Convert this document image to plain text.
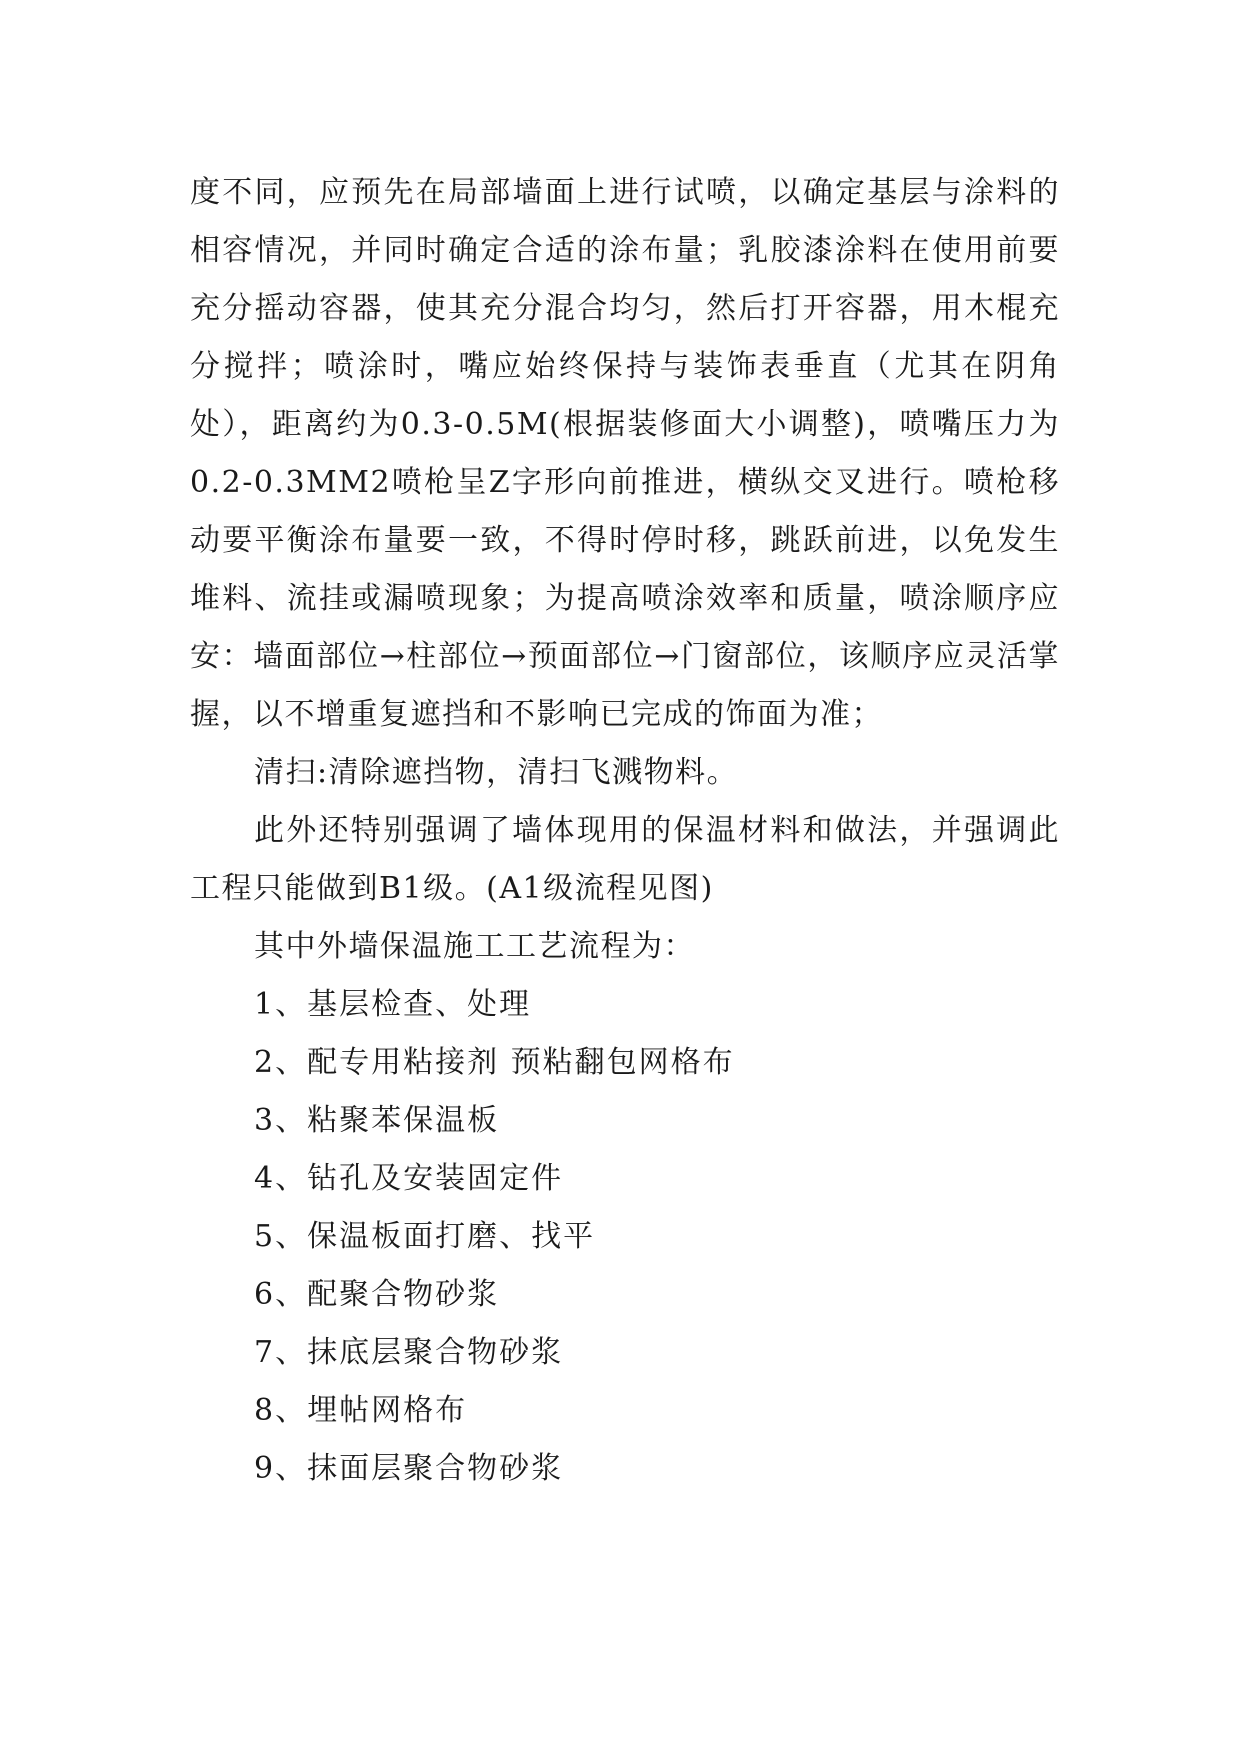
度不同，应预先在局部墙面上进行试喷，以确定基层与涂料的相容情况，并同时确定合适的涂布量；乳胶漆涂料在使用前要充分摇动容器，使其充分混合均匀，然后打开容器，用木棍充分搅拌；喷涂时，嘴应始终保持与装饰表垂直（尤其在阴角处），距离约为0.3-0.5M(根据装修面大小调整)，喷嘴压力为0.2-0.3MM2喷枪呈Z字形向前推进，横纵交叉进行。喷枪移动要平衡涂布量要一致，不得时停时移，跳跃前进，以免发生堆料、流挂或漏喷现象；为提高喷涂效率和质量，喷涂顺序应安：墙面部位→柱部位→预面部位→门窗部位，该顺序应灵活掌握，以不增重复遮挡和不影响已完成的饰面为准；

清扫:清除遮挡物，清扫飞溅物料。

此外还特别强调了墙体现用的保温材料和做法，并强调此工程只能做到B1级。(A1级流程见图)

其中外墙保温施工工艺流程为：

1、基层检查、处理

2、配专用粘接剂 预粘翻包网格布

3、粘聚苯保温板

4、钻孔及安装固定件

5、保温板面打磨、找平

6、配聚合物砂浆

7、抹底层聚合物砂浆

8、埋帖网格布

9、抹面层聚合物砂浆
